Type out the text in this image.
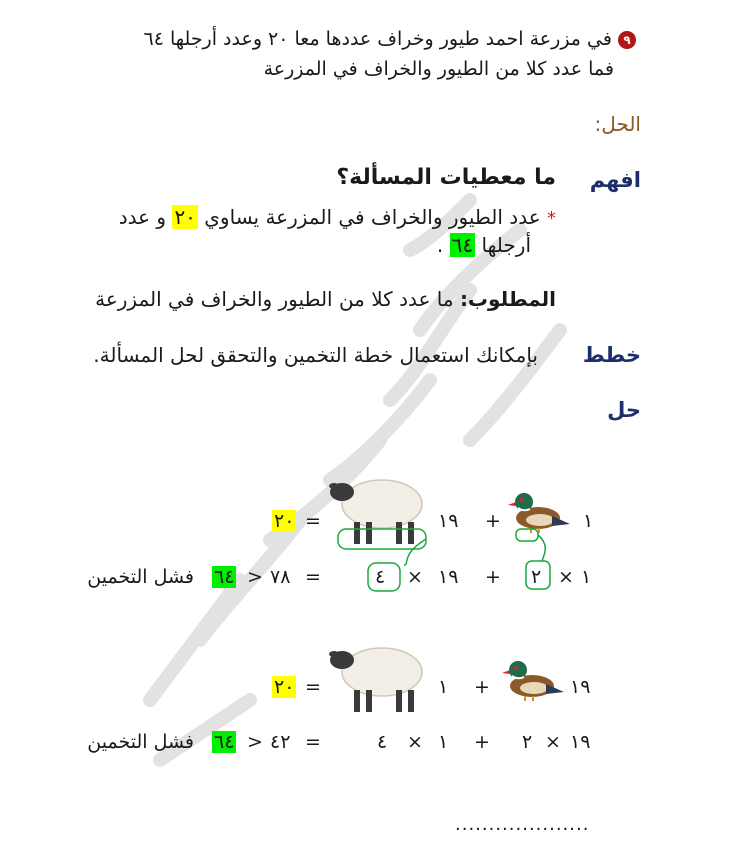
٩ في مزرعة احمد طيور وخراف عددها معا ٢٠ وعدد أرجلها ٦٤
فما عدد كلا من الطيور والخراف في المزرعة
الحل:
افهم
ما معطيات المسألة؟
* عدد الطيور والخراف في المزرعة يساوي ٢٠ و عدد
أرجلها ٦٤ .
المطلوب: ما عدد كلا من الطيور والخراف في المزرعة
خطط
بإمكانك استعمال خطة التخمين والتحقق لحل المسألة.
حل
١
+
١٩
=
٢٠
١
×
٢
+
١٩
×
٤
=
٧٨
>
٦٤
فشل التخمين
١٩
+
١
=
٢٠
١٩
×
٢
+
١
×
٤
=
٤٢
>
٦٤
فشل التخمين
....................
